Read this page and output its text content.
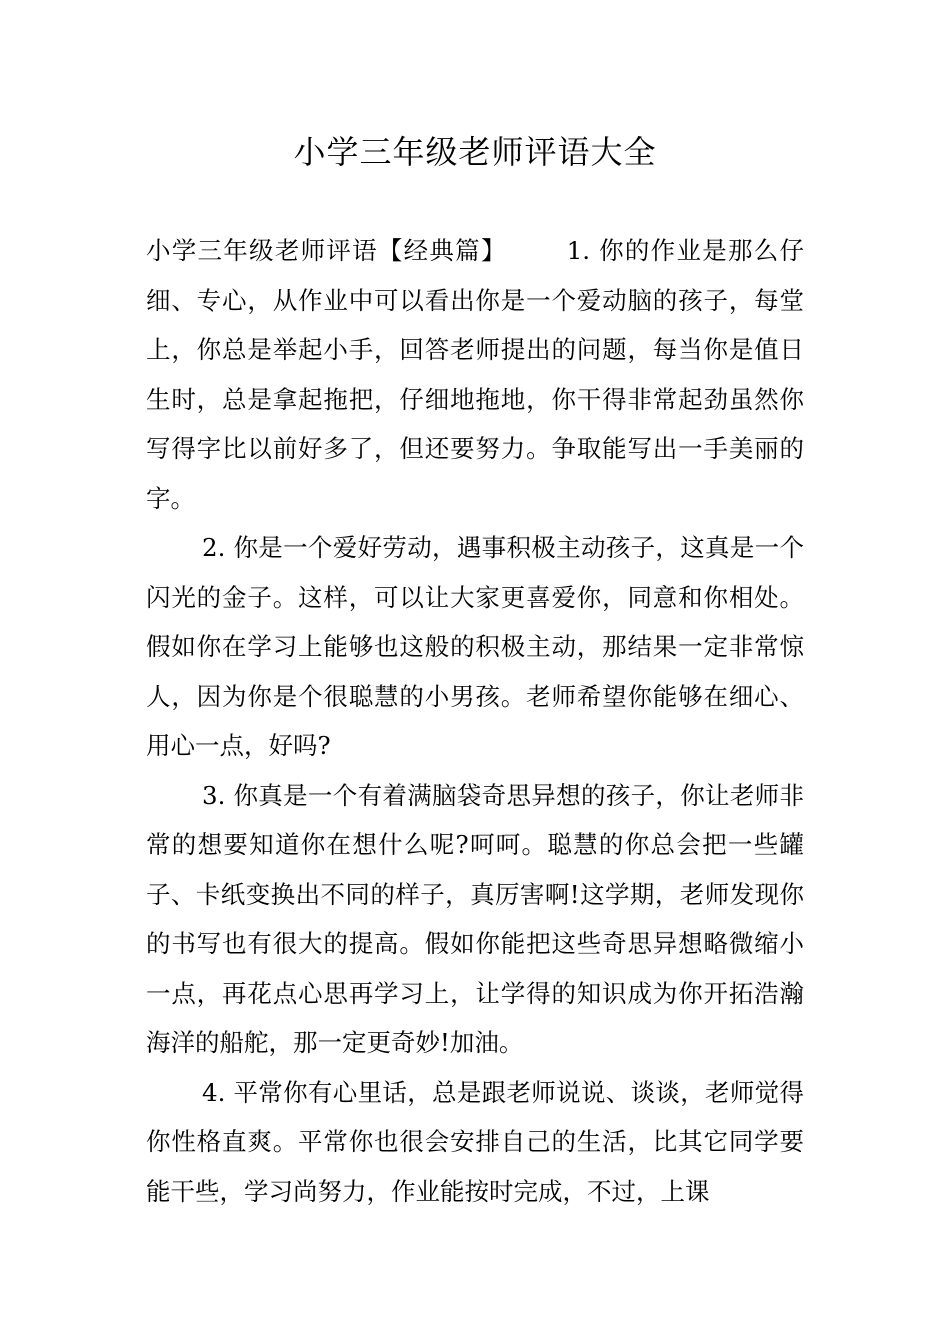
小学三年级老师评语大全

小学三年级老师评语【经典篇】 1. 你的作业是那么仔细、专心，从作业中可以看出你是一个爱动脑的孩子，每堂上，你总是举起小手，回答老师提出的问题，每当你是值日生时，总是拿起拖把，仔细地拖地，你干得非常起劲虽然你写得字比以前好多了，但还要努力。争取能写出一手美丽的字。

2. 你是一个爱好劳动，遇事积极主动孩子，这真是一个闪光的金子。这样，可以让大家更喜爱你，同意和你相处。假如你在学习上能够也这般的积极主动，那结果一定非常惊人，因为你是个很聪慧的小男孩。老师希望你能够在细心、用心一点，好吗?

3. 你真是一个有着满脑袋奇思异想的孩子，你让老师非常的想要知道你在想什么呢?呵呵。聪慧的你总会把一些罐子、卡纸变换出不同的样子，真厉害啊!这学期，老师发现你的书写也有很大的提高。假如你能把这些奇思异想略微缩小一点，再花点心思再学习上，让学得的知识成为你开拓浩瀚海洋的船舵，那一定更奇妙!加油。

4. 平常你有心里话，总是跟老师说说、谈谈，老师觉得你性格直爽。平常你也很会安排自己的生活，比其它同学要能干些，学习尚努力，作业能按时完成，不过，上课
